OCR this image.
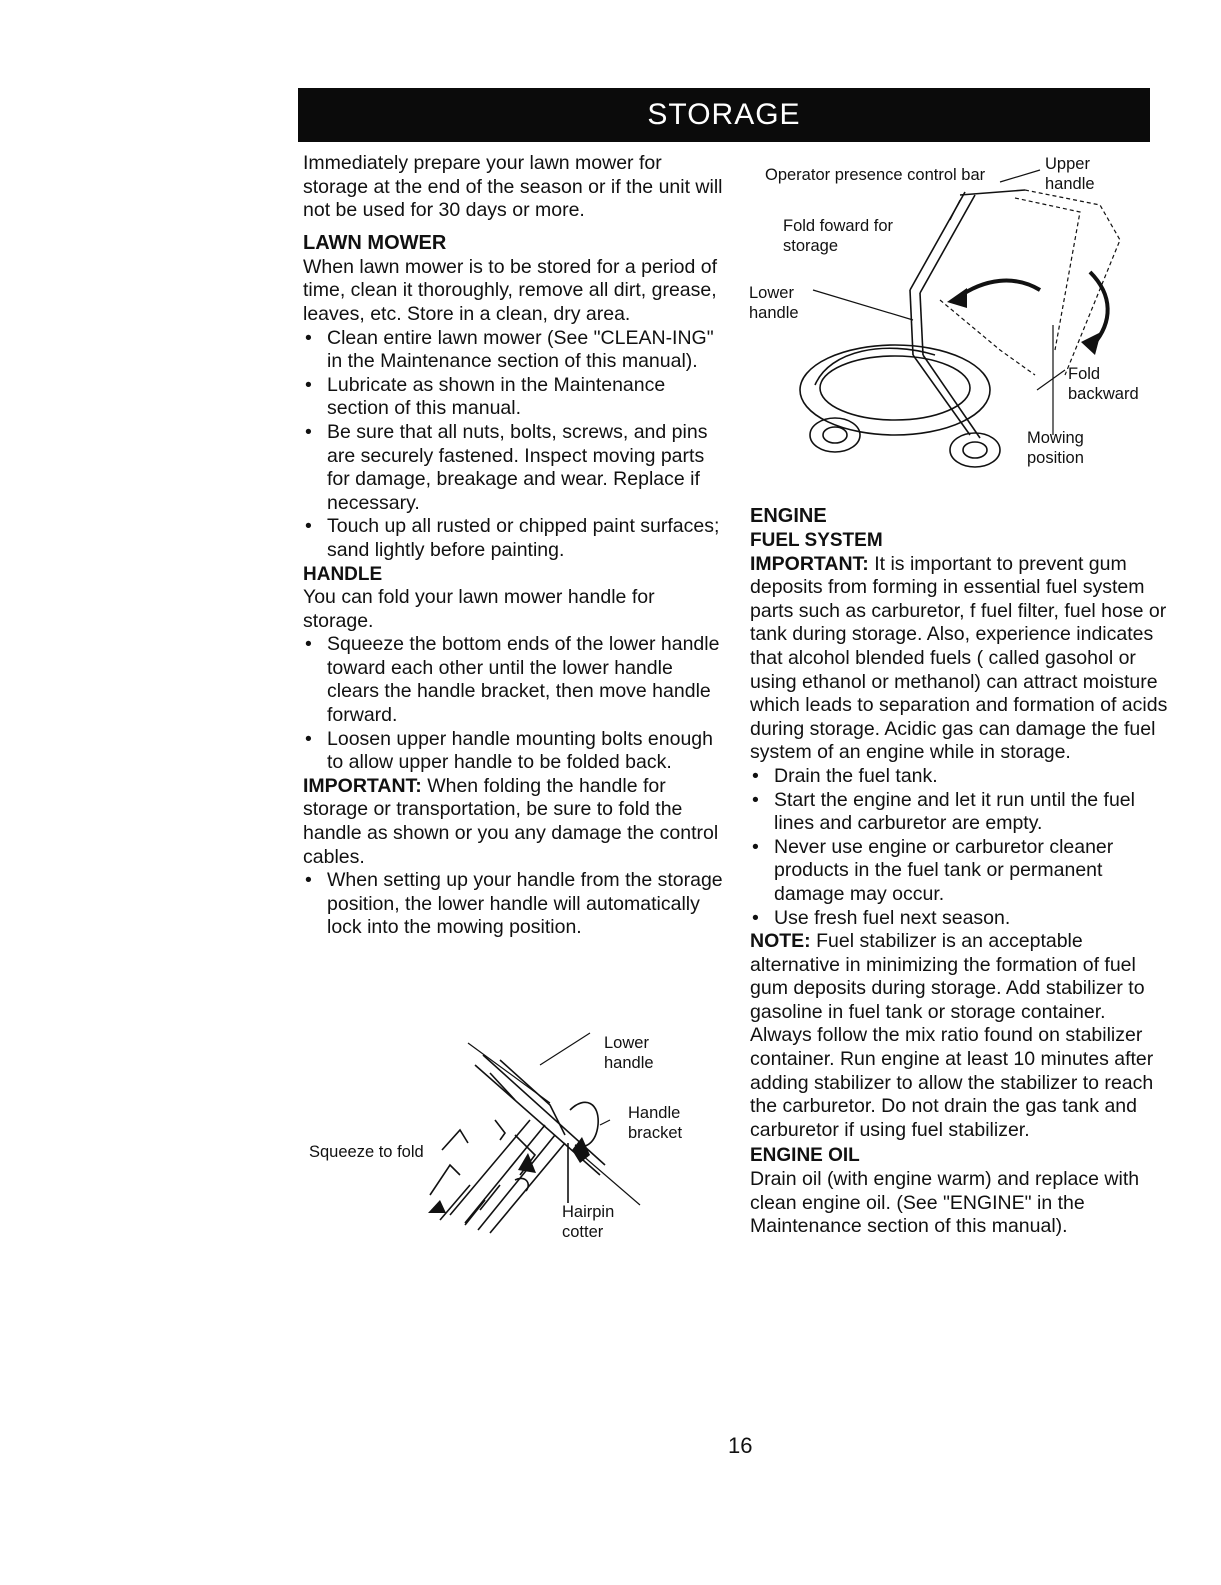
STORAGE

Immediately prepare your lawn mower for storage at the end of the season or if the unit will not be used for 30 days or more.

LAWN MOWER

When lawn mower is to be stored for a period of time, clean it thoroughly, remove all dirt, grease, leaves, etc. Store in a clean, dry area.

• Clean entire lawn mower (See "CLEAN-ING" in the Maintenance section of this manual).
• Lubricate as shown in the Maintenance section of this manual.
• Be sure that all nuts, bolts, screws, and pins are securely fastened. Inspect moving parts for damage, breakage and wear. Replace if necessary.
• Touch up all rusted or chipped paint surfaces; sand lightly before painting.
HANDLE

You can fold your lawn mower handle for storage.

• Squeeze the bottom ends of the lower handle toward each other until the lower handle clears the handle bracket, then move handle forward.
• Loosen upper handle mounting bolts enough to allow upper handle to be folded back.

IMPORTANT: When folding the handle for storage or transportation, be sure to fold the handle as shown or you any damage the control cables.

• When setting up your handle from the storage position, the lower handle will automatically lock into the mowing position.
Lower handle
Handle bracket
Squeeze to fold
Hairpin cotter
Operator presence control bar
Upper handle
Fold foward for storage
Lower handle
Fold backward
Mowing position
ENGINE
FUEL SYSTEM

IMPORTANT: It is important to prevent gum deposits from forming in essential fuel system parts such as carburetor, f fuel filter, fuel hose or tank during storage. Also, experience indicates that alcohol blended fuels ( called gasohol or using ethanol or methanol) can attract moisture which leads to separation and formation of acids during storage. Acidic gas can damage the fuel system of an engine while in storage.

• Drain the fuel tank.
• Start the engine and let it run until the fuel lines and carburetor are empty.
• Never use engine or carburetor cleaner products in the fuel tank or permanent damage may occur.
• Use fresh fuel next season.

NOTE: Fuel stabilizer is an acceptable alternative in minimizing the formation of fuel gum deposits during storage. Add stabilizer to gasoline in fuel tank or storage container. Always follow the mix ratio found on stabilizer container. Run engine at least 10 minutes after adding stabilizer to allow the stabilizer to reach the carburetor. Do not drain the gas tank and carburetor if using fuel stabilizer.

ENGINE OIL

Drain oil (with engine warm) and replace with clean engine oil. (See "ENGINE" in the Maintenance section of this manual).

16
